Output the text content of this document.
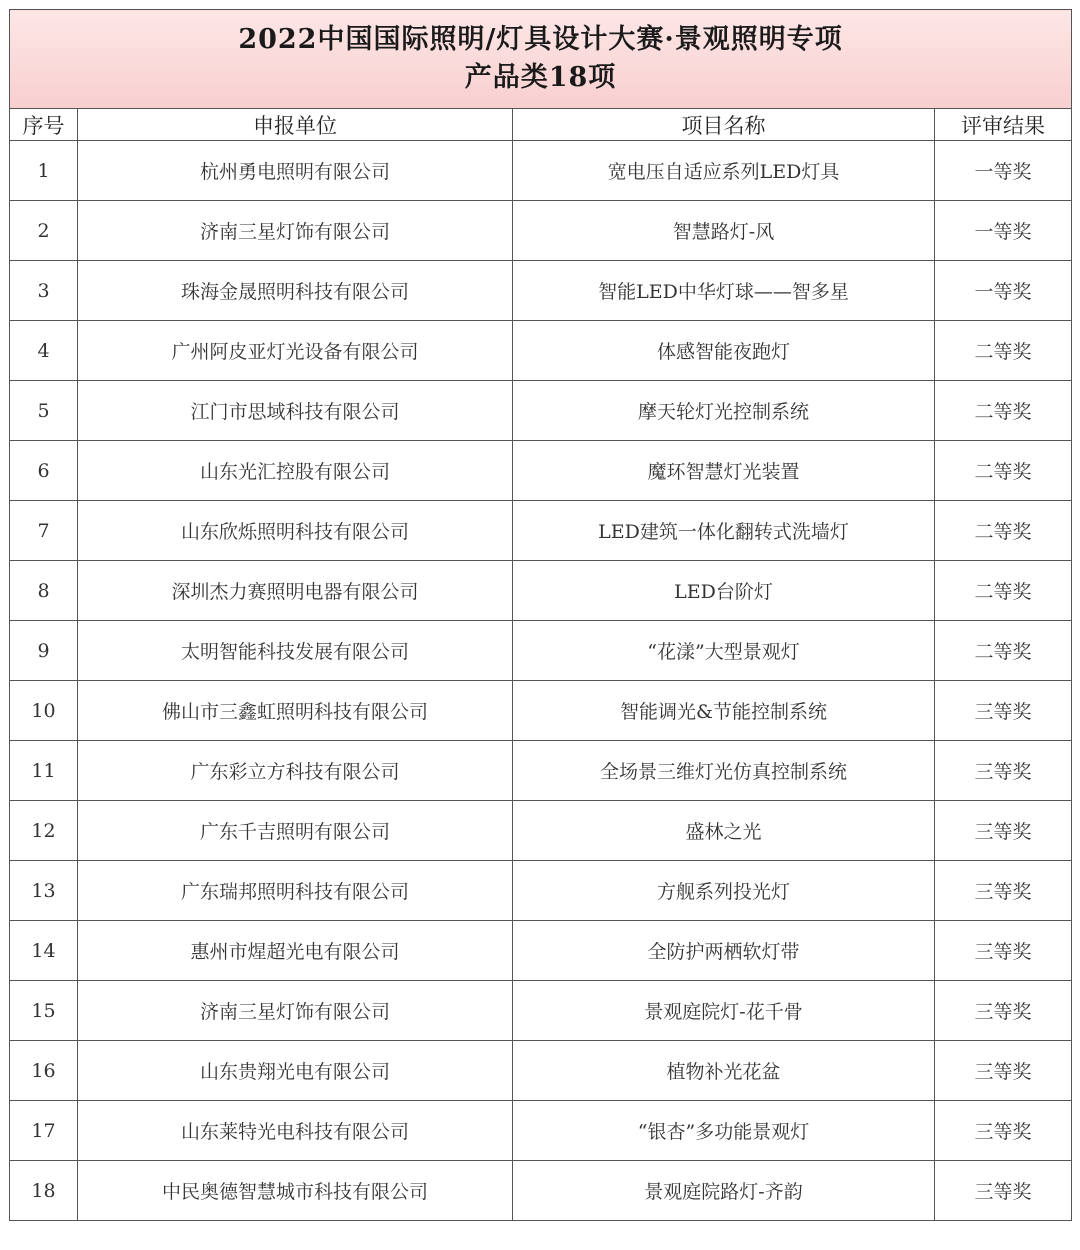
2022中国国际照明/灯具设计大赛·景观照明专项
产品类18项			

序号	申报单位	项目名称	评审结果
1	杭州勇电照明有限公司	宽电压自适应系列LED灯具	一等奖
2	济南三星灯饰有限公司	智慧路灯-风	一等奖
3	珠海金晟照明科技有限公司	智能LED中华灯球——智多星	一等奖
4	广州阿皮亚灯光设备有限公司	体感智能夜跑灯	二等奖
5	江门市思域科技有限公司	摩天轮灯光控制系统	二等奖
6	山东光汇控股有限公司	魔环智慧灯光装置	二等奖
7	山东欣烁照明科技有限公司	LED建筑一体化翻转式洗墙灯	二等奖
8	深圳杰力赛照明电器有限公司	LED台阶灯	二等奖
9	太明智能科技发展有限公司	“花漾”大型景观灯	二等奖
10	佛山市三鑫虹照明科技有限公司	智能调光&节能控制系统	三等奖
11	广东彩立方科技有限公司	全场景三维灯光仿真控制系统	三等奖
12	广东千吉照明有限公司	盛林之光	三等奖
13	广东瑞邦照明科技有限公司	方舰系列投光灯	三等奖
14	惠州市煋超光电有限公司	全防护两栖软灯带	三等奖
15	济南三星灯饰有限公司	景观庭院灯-花千骨	三等奖
16	山东贵翔光电有限公司	植物补光花盆	三等奖
17	山东莱特光电科技有限公司	“银杏”多功能景观灯	三等奖
18	中民奥德智慧城市科技有限公司	景观庭院路灯-齐韵	三等奖
